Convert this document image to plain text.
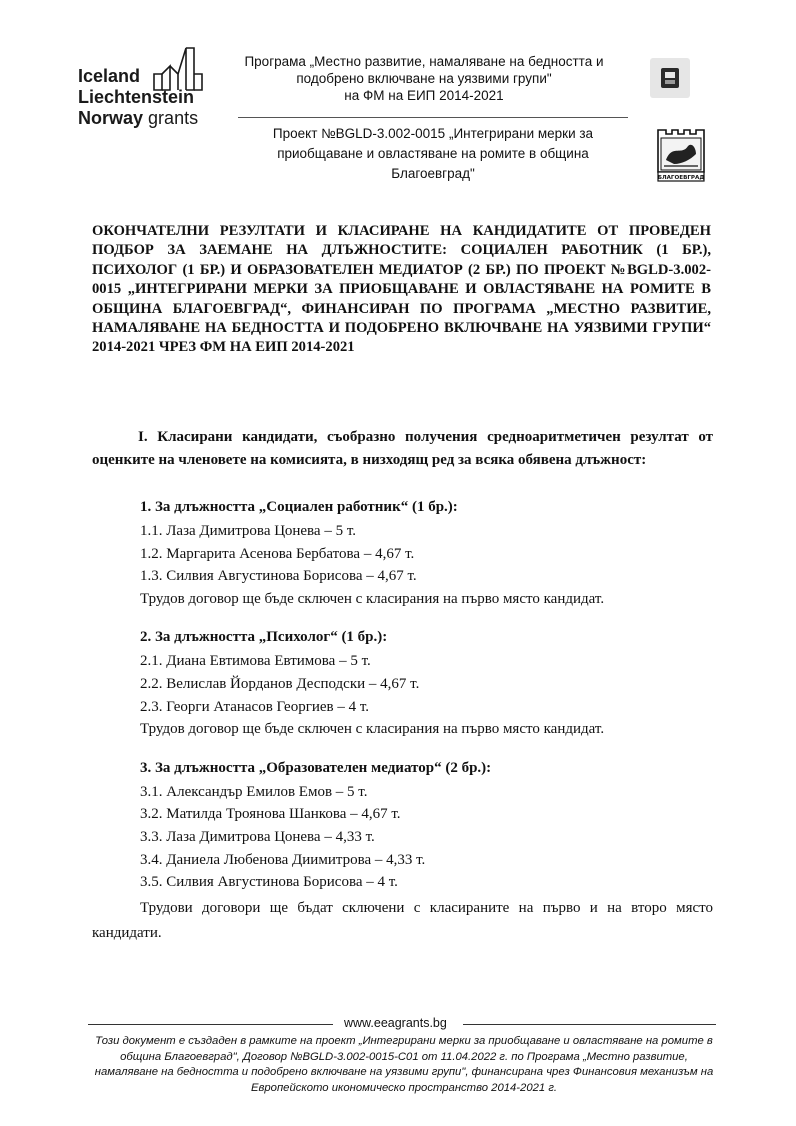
Iceland
Liechtenstein
Norway
grants
Програма „Местно развитие, намаляване на бедността и
подобрено включване на уязвими групи"
на ФМ на ЕИП 2014-2021
Проект №BGLD-3.002-0015 „Интегрирани мерки за
приобщаване и овластяване на ромите в община
Благоевград"	БЛАГОЕВГРАД
ОКОНЧАТЕЛНИ РЕЗУЛТАТИ И КЛАСИРАНЕ НА КАНДИДАТИТЕ ОТ ПРОВЕДЕН ПОДБОР ЗА ЗАЕМАНЕ НА ДЛЪЖНОСТИТЕ: СОЦИАЛЕН РАБОТНИК (1 БР.), ПСИХОЛОГ (1 БР.) И ОБРАЗОВАТЕЛЕН МЕДИАТОР (2 БР.) ПО ПРОЕКТ №BGLD-3.002-0015 „ИНТЕГРИРАНИ МЕРКИ ЗА ПРИОБЩАВАНЕ И ОВЛАСТЯВАНЕ НА РОМИТЕ В ОБЩИНА БЛАГОЕВГРАД“, ФИНАНСИРАН ПО ПРОГРАМА „МЕСТНО РАЗВИТИЕ, НАМАЛЯВАНЕ НА БЕДНОСТТА И ПОДОБРЕНО ВКЛЮЧВАНЕ НА УЯЗВИМИ ГРУПИ“ 2014-2021 ЧРЕЗ ФМ НА ЕИП 2014-2021

I. Класирани кандидати, съобразно получения средноаритметичен резултат от оценките на членовете на комисията, в низходящ ред за всяка обявена длъжност:

1. За длъжността „Социален работник“ (1 бр.):
1.1. Лаза Димитрова Цонева – 5 т.
1.2. Маргарита Асенова Бербатова – 4,67 т.
1.3. Силвия Августинова Борисова – 4,67 т.
Трудов договор ще бъде сключен с класирания на първо място кандидат.
2. За длъжността „Психолог“ (1 бр.):
2.1. Диана Евтимова Евтимова – 5 т.
2.2. Велислав Йорданов Десподски – 4,67 т.
2.3. Георги Атанасов Георгиев – 4 т.
Трудов договор ще бъде сключен с класирания на първо място кандидат.
3. За длъжността „Образователен медиатор“ (2 бр.):
3.1. Александър Емилов Емов – 5 т.
3.2. Матилда Троянова Шанкова – 4,67 т.
3.3. Лаза Димитрова Цонева – 4,33 т.
3.4. Даниела Любенова Диимитрова – 4,33 т.
3.5. Силвия Августинова Борисова – 4 т.

Трудови договори ще бъдат сключени с класираните на първо и на второ място кандидати.

www.eeagrants.bg
Този документ е създаден в рамките на проект „Интегрирани мерки за приобщаване и овластяване на ромите в община Благоевград", Договор №BGLD-3.002-0015-C01 от 11.04.2022 г. по Програма „Местно развитие, намаляване на бедността и подобрено включване на уязвими групи", финансирана чрез Финансовия механизъм на Европейското икономическо пространство 2014-2021 г.
